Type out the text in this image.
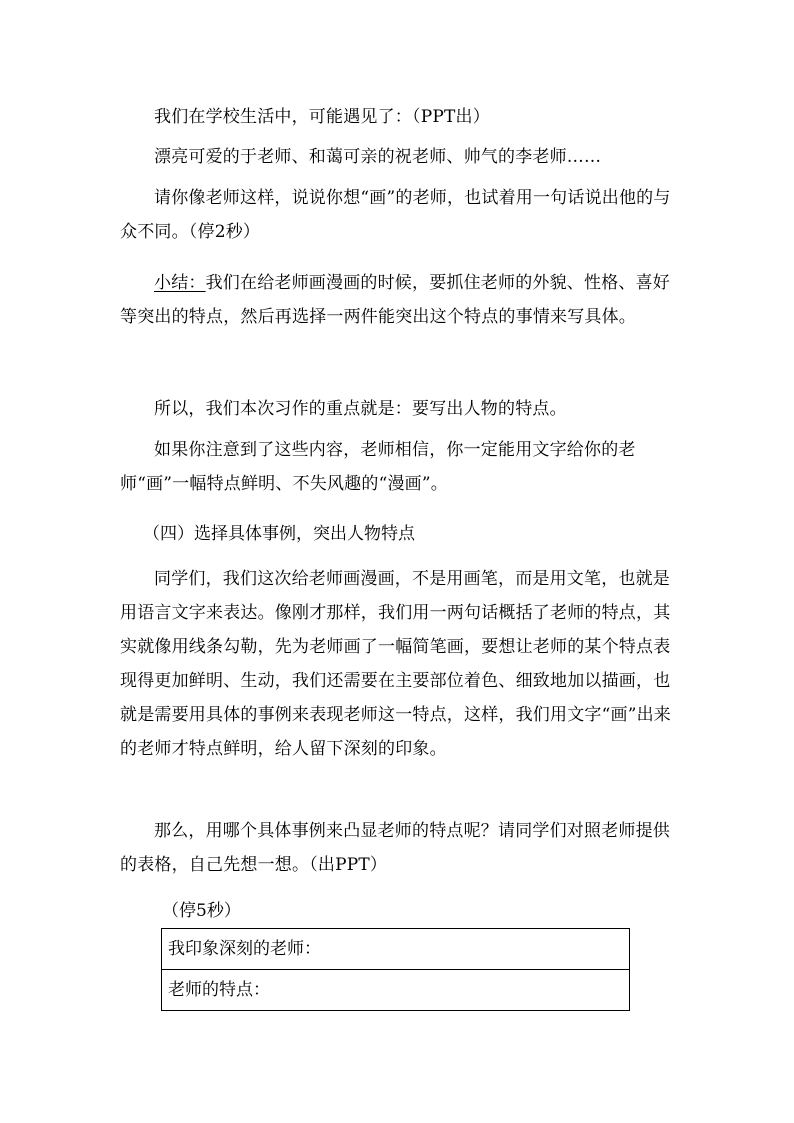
我们在学校生活中，可能遇见了：（PPT出）
漂亮可爱的于老师、和蔼可亲的祝老师、帅气的李老师……
请你像老师这样，说说你想“画”的老师，也试着用一句话说出他的与众不同。（停2秒）
小结：我们在给老师画漫画的时候，要抓住老师的外貌、性格、喜好等突出的特点，然后再选择一两件能突出这个特点的事情来写具体。
所以，我们本次习作的重点就是：要写出人物的特点。
如果你注意到了这些内容，老师相信，你一定能用文字给你的老师“画”一幅特点鲜明、不失风趣的“漫画”。
（四）选择具体事例，突出人物特点
同学们，我们这次给老师画漫画，不是用画笔，而是用文笔，也就是用语言文字来表达。像刚才那样，我们用一两句话概括了老师的特点，其实就像用线条勾勒，先为老师画了一幅简笔画，要想让老师的某个特点表现得更加鲜明、生动，我们还需要在主要部位着色、细致地加以描画，也就是需要用具体的事例来表现老师这一特点，这样，我们用文字“画”出来的老师才特点鲜明，给人留下深刻的印象。
那么，用哪个具体事例来凸显老师的特点呢？请同学们对照老师提供的表格，自己先想一想。（出PPT）
（停5秒）
我印象深刻的老师：
老师的特点：
